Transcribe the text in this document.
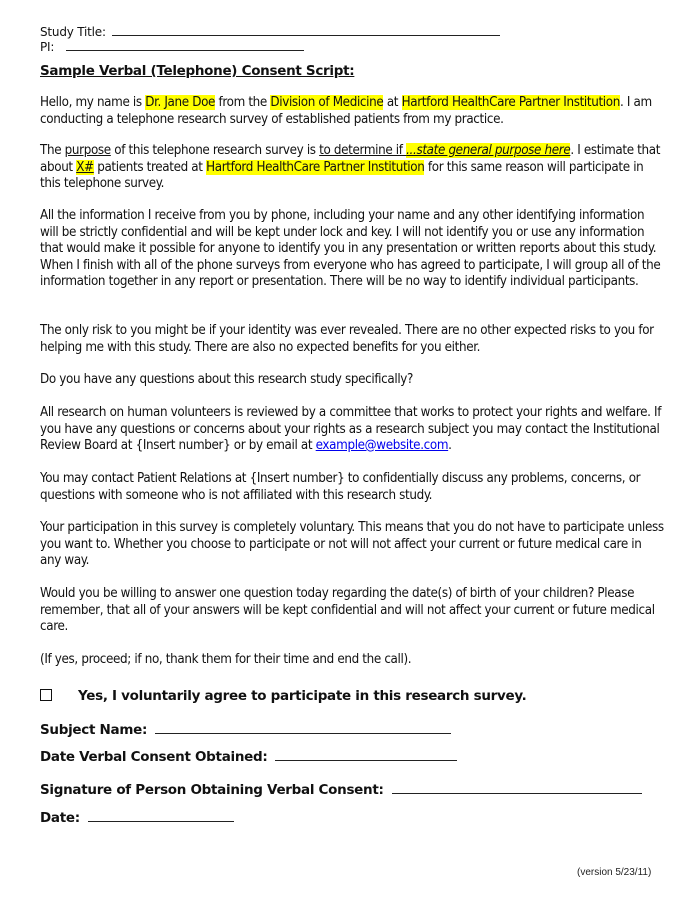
Study Title:
PI:
Sample Verbal (Telephone) Consent Script:
Hello, my name is Dr. Jane Doe from the Division of Medicine at Hartford HealthCare Partner Institution. I am conducting a telephone research survey of established patients from my practice.
The purpose of this telephone research survey is to determine if ...state general purpose here. I estimate that about X# patients treated at Hartford HealthCare Partner Institution for this same reason will participate in this telephone survey.
All the information I receive from you by phone, including your name and any other identifying information will be strictly confidential and will be kept under lock and key. I will not identify you or use any information that would make it possible for anyone to identify you in any presentation or written reports about this study. When I finish with all of the phone surveys from everyone who has agreed to participate, I will group all of the information together in any report or presentation. There will be no way to identify individual participants.
The only risk to you might be if your identity was ever revealed. There are no other expected risks to you for helping me with this study. There are also no expected benefits for you either.
Do you have any questions about this research study specifically?
All research on human volunteers is reviewed by a committee that works to protect your rights and welfare. If you have any questions or concerns about your rights as a research subject you may contact the Institutional Review Board at {Insert number} or by email at example@website.com.
You may contact Patient Relations at {Insert number} to confidentially discuss any problems, concerns, or questions with someone who is not affiliated with this research study.
Your participation in this survey is completely voluntary. This means that you do not have to participate unless you want to. Whether you choose to participate or not will not affect your current or future medical care in any way.
Would you be willing to answer one question today regarding the date(s) of birth of your children? Please remember, that all of your answers will be kept confidential and will not affect your current or future medical care.
(If yes, proceed; if no, thank them for their time and end the call).
Yes, I voluntarily agree to participate in this research survey.
Subject Name:
Date Verbal Consent Obtained:
Signature of Person Obtaining Verbal Consent:
Date:
(version 5/23/11)
